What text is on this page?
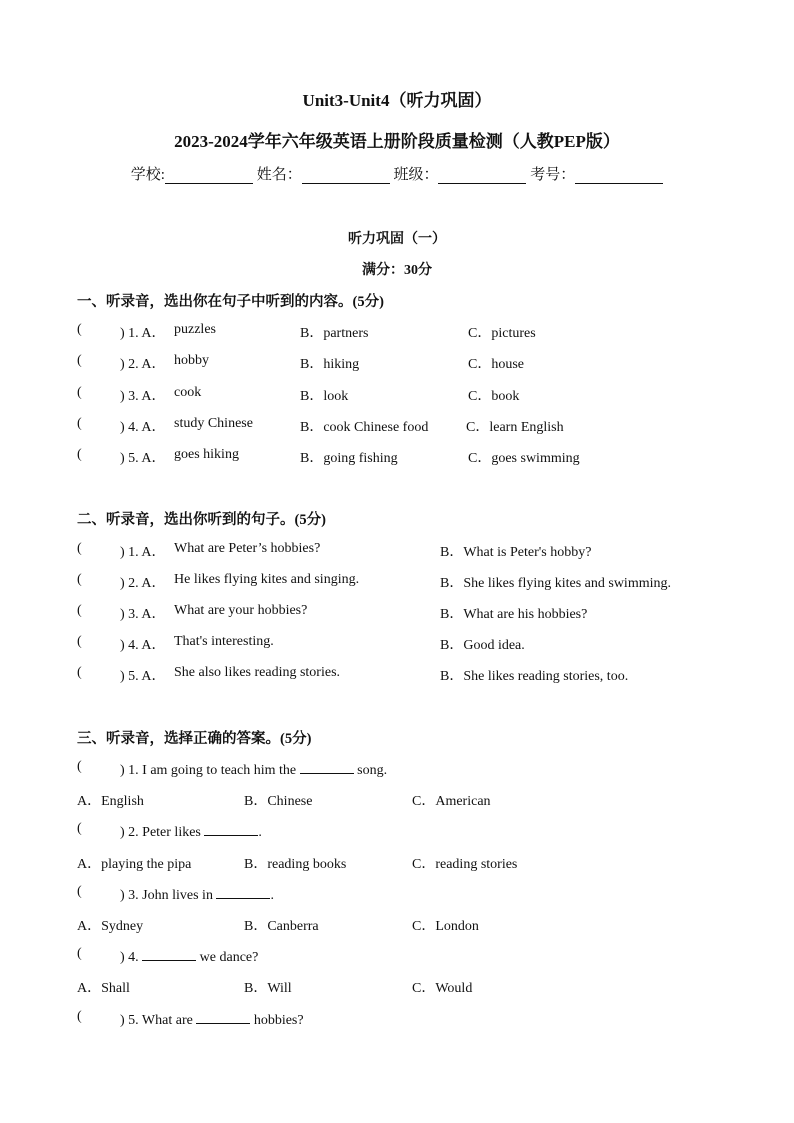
Unit3-Unit4（听力巩固）
2023-2024学年六年级英语上册阶段质量检测（人教PEP版）
学校:	姓名：	班级：	考号：
听力巩固（一）
满分：30分
一、听录音，选出你在句子中听到的内容。(5分)
(	) 1. A． puzzles	B．partners	C．pictures
(	) 2. A． hobby	B．hiking	C．house
(	) 3. A． cook	B．look	C．book
(	) 4. A． study Chinese	B．cook Chinese food	C．learn English
(	) 5. A． goes hiking	B．going fishing	C．goes swimming
二、听录音，选出你听到的句子。(5分)
(	) 1. A． What are Peter’s hobbies?	B．What is Peter's hobby?
(	) 2. A． He likes flying kites and singing.	B．She likes flying kites and swimming.
(	) 3. A． What are your hobbies?	B．What are his hobbies?
(	) 4. A． That's interesting.	B．Good idea.
(	) 5. A． She also likes reading stories.	B．She likes reading stories, too.
三、听录音，选择正确的答案。(5分)
(	) 1. I am going to teach him the	song.
A．English	B．Chinese	C．American
(	) 2. Peter likes	.
A．playing the pipa	B．reading books	C．reading stories
(	) 3. John lives in	.
A．Sydney	B．Canberra	C．London
(	) 4.	we dance?
A．Shall	B．Will	C．Would
(	) 5. What are	hobbies?
